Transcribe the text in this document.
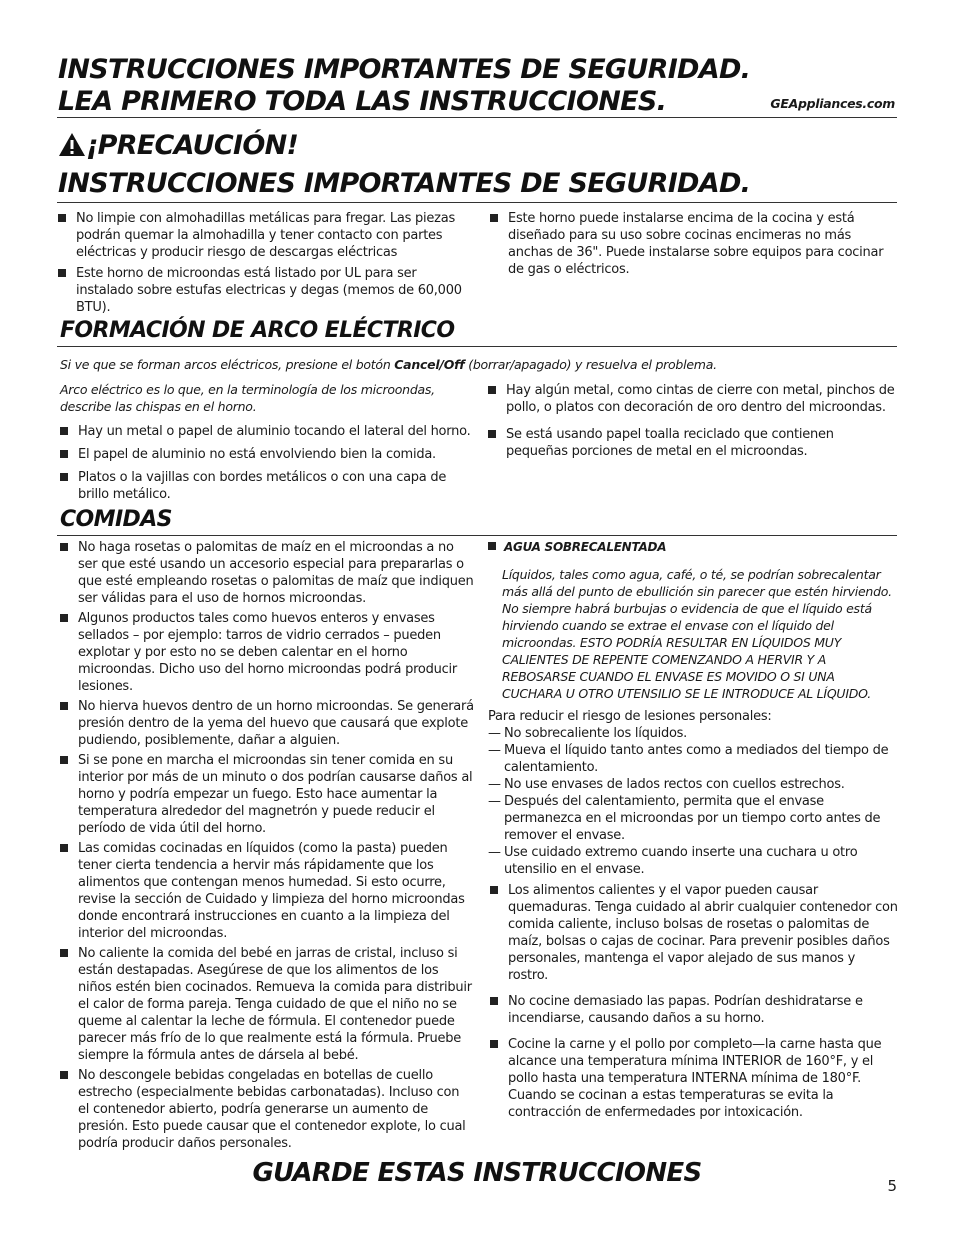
INSTRUCCIONES IMPORTANTES DE SEGURIDAD.
LEA PRIMERO TODA LAS INSTRUCCIONES.	GEAppliances.com
¡PRECAUCIÓN!
INSTRUCCIONES IMPORTANTES DE SEGURIDAD.
No limpie con almohadillas metálicas para fregar. Las piezas podrán quemar la almohadilla y tener contacto con partes eléctricas y producir riesgo de descargas eléctricas
Este horno de microondas está listado por UL para ser instalado sobre estufas electricas y degas (memos de 60,000 BTU).
Este horno puede instalarse encima de la cocina y está diseñado para su uso sobre cocinas encimeras no más anchas de 36". Puede instalarse sobre equipos para cocinar de gas o eléctricos.
FORMACIÓN DE ARCO ELÉCTRICO
Si ve que se forman arcos eléctricos, presione el botón Cancel/Off (borrar/apagado) y resuelva el problema.
Arco eléctrico es lo que, en la terminología de los microondas, describe las chispas en el horno.
Hay un metal o papel de aluminio tocando el lateral del horno.
El papel de aluminio no está envolviendo bien la comida.
Platos o la vajillas con bordes metálicos o con una capa de brillo metálico.
Hay algún metal, como cintas de cierre con metal, pinchos de pollo, o platos con decoración de oro dentro del microondas.
Se está usando papel toalla reciclado que contienen pequeñas porciones de metal en el microondas.
COMIDAS
No haga rosetas o palomitas de maíz en el microondas a no ser que esté usando un accesorio especial para prepararlas o que esté empleando rosetas o palomitas de maíz que indiquen ser válidas para el uso de hornos microondas.
Algunos productos tales como huevos enteros y envases sellados – por ejemplo: tarros de vidrio cerrados – pueden explotar y por esto no se deben calentar en el horno microondas. Dicho uso del horno microondas podrá producir lesiones.
No hierva huevos dentro de un horno microondas. Se generará presión dentro de la yema del huevo que causará que explote pudiendo, posiblemente, dañar a alguien.
Si se pone en marcha el microondas sin tener comida en su interior por más de un minuto o dos podrían causarse daños al horno y podría empezar un fuego. Esto hace aumentar la temperatura alrededor del magnetrón y puede reducir el período de vida útil del horno.
Las comidas cocinadas en líquidos (como la pasta) pueden tener cierta tendencia a hervir más rápidamente que los alimentos que contengan menos humedad. Si esto ocurre, revise la sección de Cuidado y limpieza del horno microondas donde encontrará instrucciones en cuanto a la limpieza del interior del microondas.
No caliente la comida del bebé en jarras de cristal, incluso si están destapadas. Asegúrese de que los alimentos de los niños estén bien cocinados. Remueva la comida para distribuir el calor de forma pareja. Tenga cuidado de que el niño no se queme al calentar la leche de fórmula. El contenedor puede parecer más frío de lo que realmente está la fórmula. Pruebe siempre la fórmula antes de dársela al bebé.
No descongele bebidas congeladas en botellas de cuello estrecho (especialmente bebidas carbonatadas). Incluso con el contenedor abierto, podría generarse un aumento de presión. Esto puede causar que el contenedor explote, lo cual podría producir daños personales.
AGUA SOBRECALENTADA
Líquidos, tales como agua, café, o té, se podrían sobrecalentar más allá del punto de ebullición sin parecer que estén hirviendo. No siempre habrá burbujas o evidencia de que el líquido está hirviendo cuando se extrae el envase con el líquido del microondas. ESTO PODRÍA RESULTAR EN LÍQUIDOS MUY CALIENTES DE REPENTE COMENZANDO A HERVIR Y A REBOSARSE CUANDO EL ENVASE ES MOVIDO O SI UNA CUCHARA U OTRO UTENSILIO SE LE INTRODUCE AL LÍQUIDO.
Para reducir el riesgo de lesiones personales:
— No sobrecaliente los líquidos.
— Mueva el líquido tanto antes como a mediados del tiempo de calentamiento.
— No use envases de lados rectos con cuellos estrechos.
— Después del calentamiento, permita que el envase permanezca en el microondas por un tiempo corto antes de remover el envase.
— Use cuidado extremo cuando inserte una cuchara u otro utensilio en el envase.
Los alimentos calientes y el vapor pueden causar quemaduras. Tenga cuidado al abrir cualquier contenedor con comida caliente, incluso bolsas de rosetas o palomitas de maíz, bolsas o cajas de cocinar. Para prevenir posibles daños personales, mantenga el vapor alejado de sus manos y rostro.
No cocine demasiado las papas. Podrían deshidratarse e incendiarse, causando daños a su horno.
Cocine la carne y el pollo por completo—la carne hasta que alcance una temperatura mínima INTERIOR de 160°F, y el pollo hasta una temperatura INTERNA mínima de 180°F. Cuando se cocinan a estas temperaturas se evita la contracción de enfermedades por intoxicación.
GUARDE ESTAS INSTRUCCIONES	5
